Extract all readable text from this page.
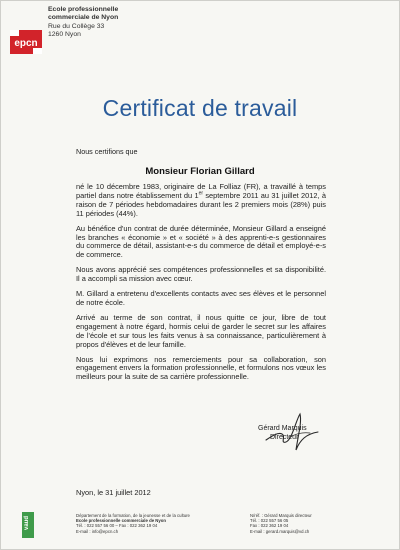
epcn
Ecole professionnelle
commerciale de Nyon
Rue du Collège 33
1260 Nyon
Certificat de travail
Nous certifions que
Monsieur Florian Gillard

né le 10 décembre 1983, originaire de La Folliaz (FR), a travaillé à temps partiel dans notre établissement du 1er septembre 2011 au 31 juillet 2012, à raison de 7 périodes hebdomadaires durant les 2 premiers mois (28%) puis 11 périodes (44%).

Au bénéfice d'un contrat de durée déterminée, Monsieur Gillard a enseigné les branches « économie » et « société » à des apprenti-e-s gestionnaires du commerce de détail, assistant-e-s du commerce de détail et employé-e-s de commerce.

Nous avons apprécié ses compétences professionnelles et sa disponibilité. Il a accompli sa mission avec cœur.

M. Gillard a entretenu d'excellents contacts avec ses élèves et le personnel de notre école.

Arrivé au terme de son contrat, il nous quitte ce jour, libre de tout engagement à notre égard, hormis celui de garder le secret sur les affaires de l'école et sur tous les faits venus à sa connaissance, particulièrement à propos d'élèves et de leur famille.

Nous lui exprimons nos remerciements pour sa collaboration, son engagement envers la formation professionnelle, et formulons nos vœux les meilleurs pour la suite de sa carrière professionnelle.

Gérard Marquis
Directeur
Nyon, le 31 juillet 2012
vaud
Département de la formation, de la jeunesse et de la culture
Ecole professionnelle commerciale de Nyon
Tél. : 022 557 56 00 – Fax : 022 362 19 04
E-mail : info@epcn.ch
N/réf. : Gérard Marquis directeur
Tél. : 022 557 56 05
Fax : 022 362 19 04
E-mail : gerard.marquis@vd.ch
